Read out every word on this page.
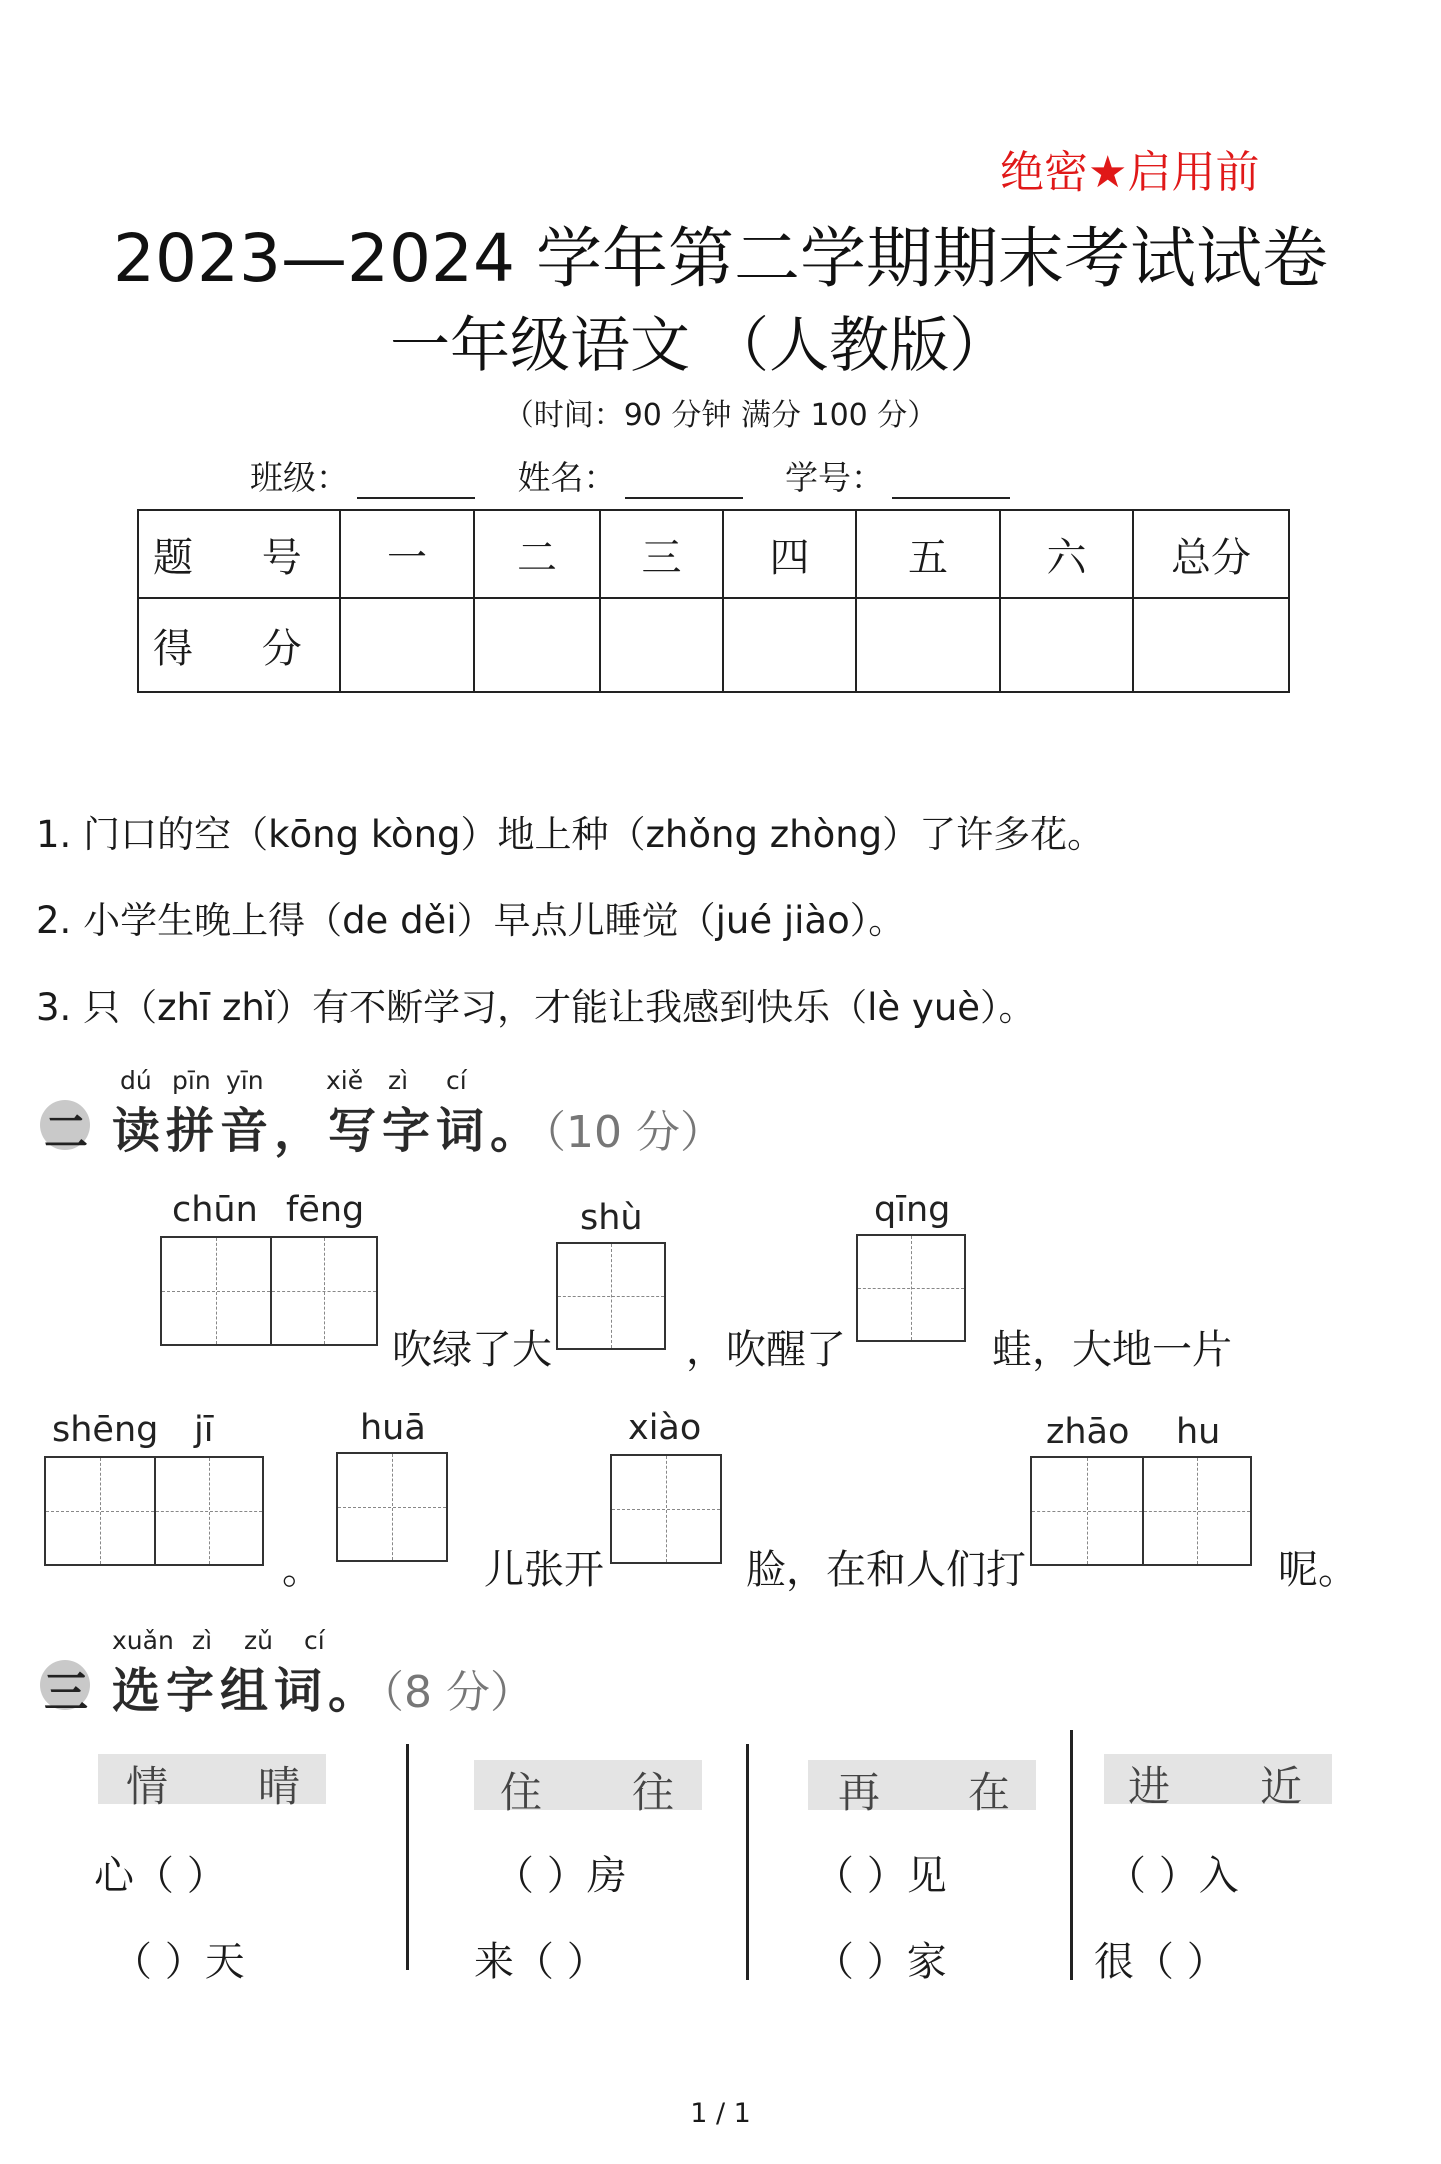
绝密★启用前
2023—2024 学年第二学期期末考试试卷
一年级语文 （人教版）
（时间：90 分钟 满分 100 分）
班级：	姓名：	学号：
题 号	一	二	三	四	五	六	总分
得 分							
1. 门口的空（kōng kòng）地上种（zhǒng zhòng）了许多花。
2. 小学生晚上得（de děi）早点儿睡觉（jué jiào）。
3. 只（zhī zhǐ）有不断学习，才能让我感到快乐（lè yuè）。
dú pīn yīn xiě zì cí
二 读拼音，写字词。（10 分）
chūn fēng
吹绿了大
shù
，吹醒了
qīng
蛙，大地一片
shēng jī
。
huā
儿张开
xiào
脸，在和人们打
zhāo hu
呢。
xuǎn zì zǔ cí
三 选字组词。（8 分）
情 晴
心（ ）
（ ）天
住 往
（ ）房
来（ ）
再 在
（ ）见
（ ）家
进 近
（ ）入
很（ ）
1 / 1
